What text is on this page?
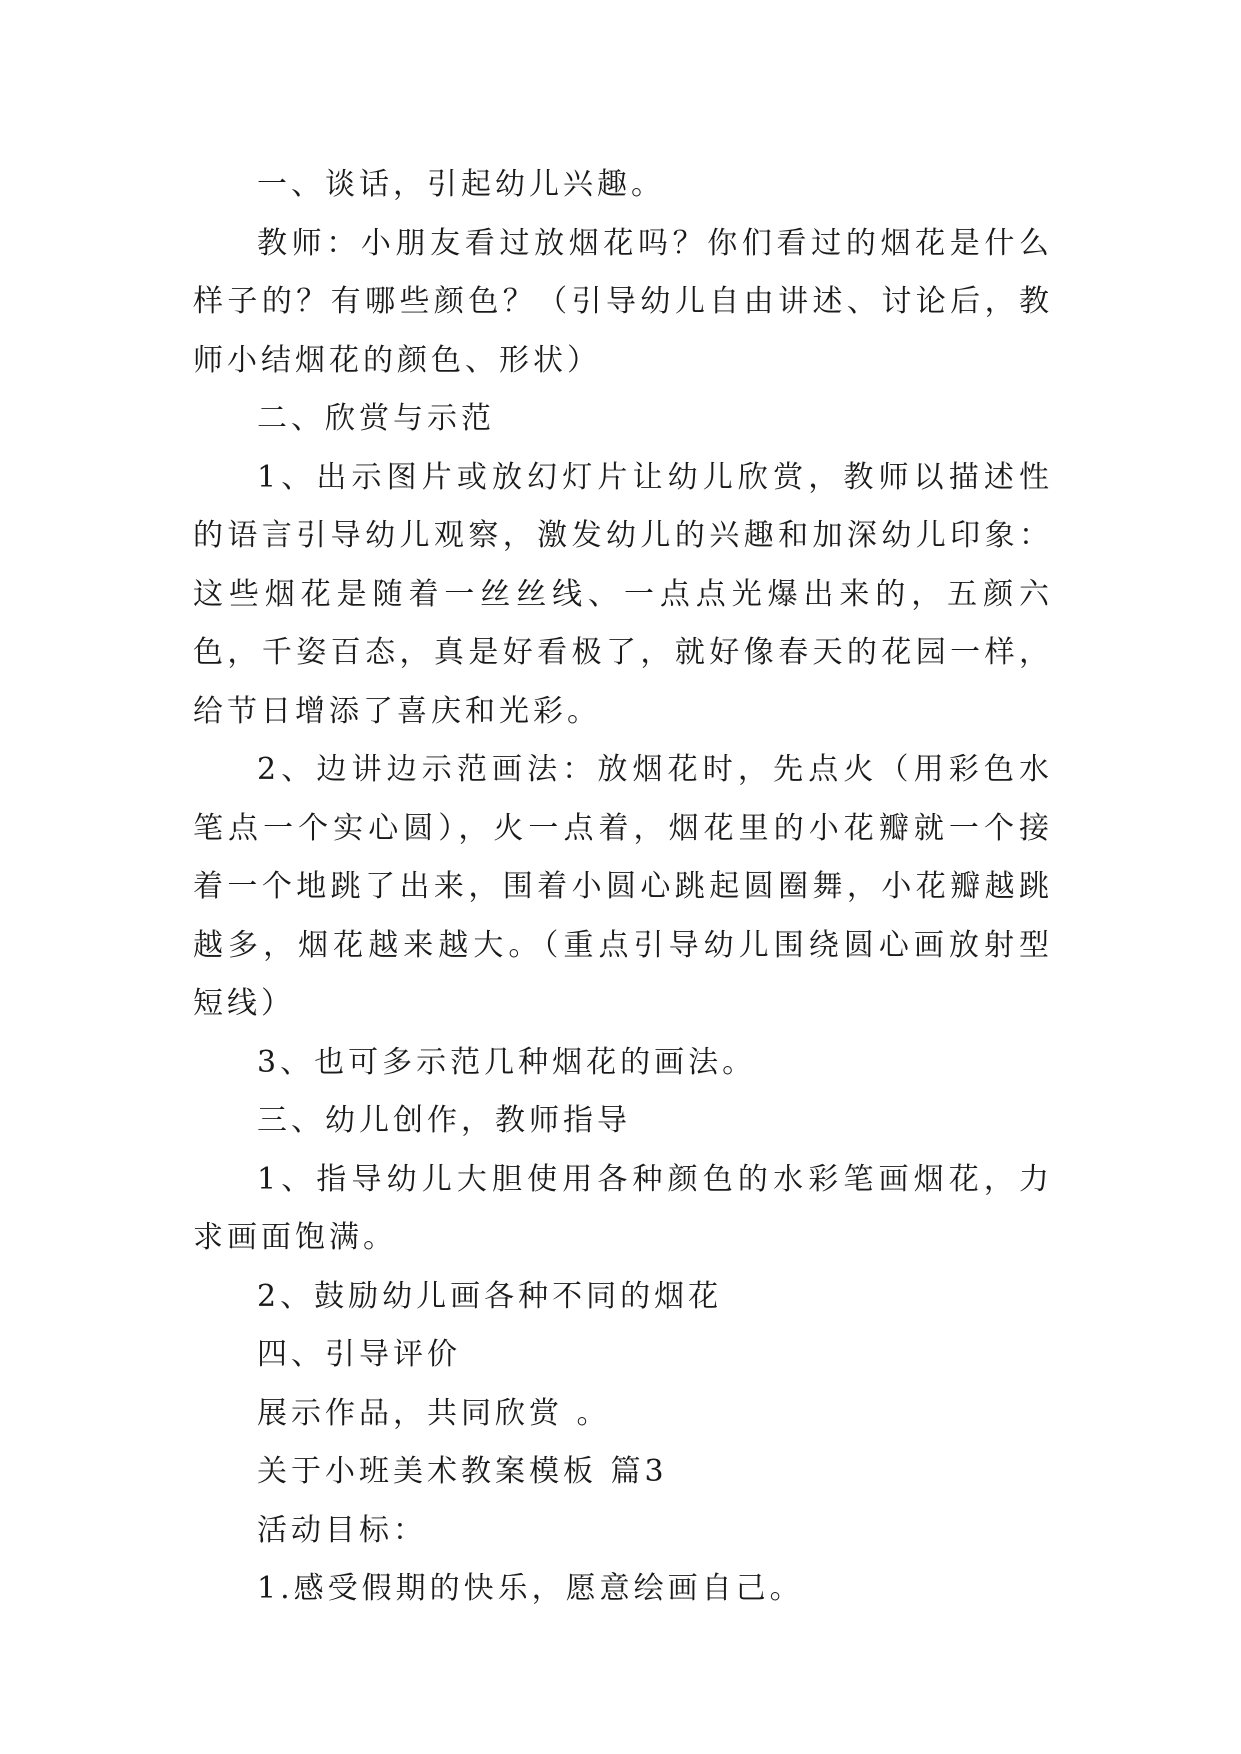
一、谈话，引起幼儿兴趣。

教师：小朋友看过放烟花吗？你们看过的烟花是什么样子的？有哪些颜色？（引导幼儿自由讲述、讨论后，教师小结烟花的颜色、形状）

二、欣赏与示范

1、出示图片或放幻灯片让幼儿欣赏，教师以描述性的语言引导幼儿观察，激发幼儿的兴趣和加深幼儿印象：这些烟花是随着一丝丝线、一点点光爆出来的，五颜六色，千姿百态，真是好看极了，就好像春天的花园一样，给节日增添了喜庆和光彩。

2、边讲边示范画法：放烟花时，先点火（用彩色水笔点一个实心圆），火一点着，烟花里的小花瓣就一个接着一个地跳了出来，围着小圆心跳起圆圈舞，小花瓣越跳越多，烟花越来越大。（重点引导幼儿围绕圆心画放射型短线）

3、也可多示范几种烟花的画法。

三、幼儿创作，教师指导

1、指导幼儿大胆使用各种颜色的水彩笔画烟花，力求画面饱满。

2、鼓励幼儿画各种不同的烟花

四、引导评价

展示作品，共同欣赏 。

关于小班美术教案模板 篇3

活动目标：

1.感受假期的快乐，愿意绘画自己。
